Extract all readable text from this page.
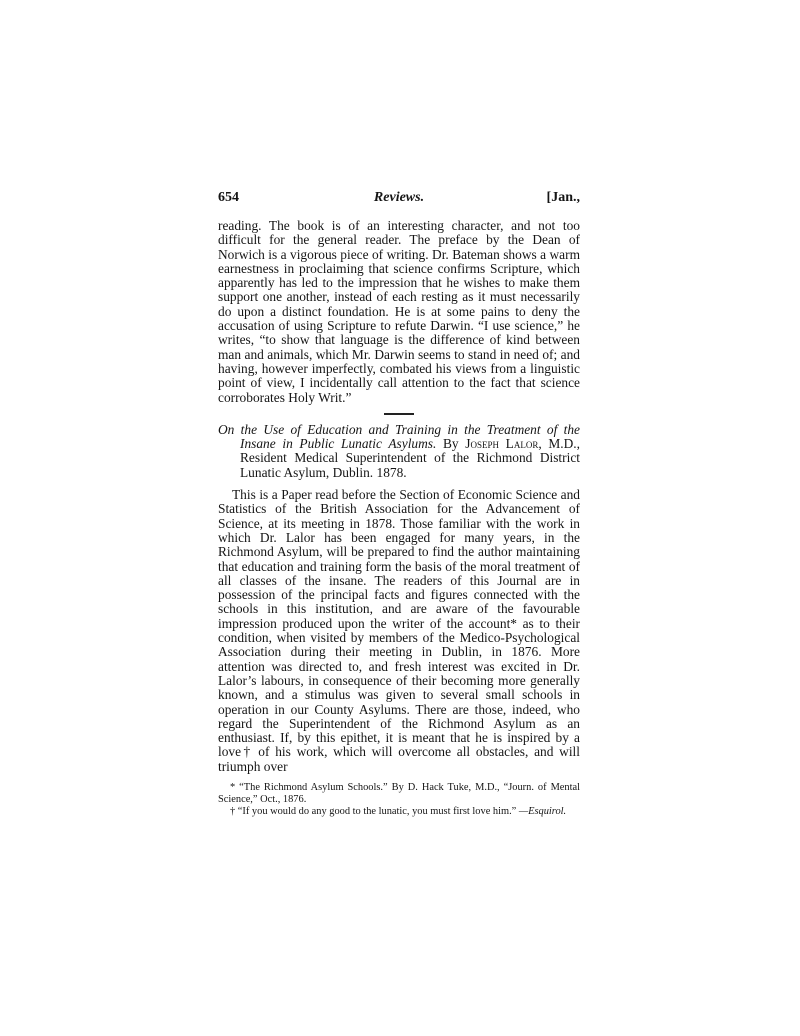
654	Reviews.	[Jan.,

reading. The book is of an interesting character, and not too difficult for the general reader. The preface by the Dean of Norwich is a vigorous piece of writing. Dr. Bateman shows a warm earnestness in proclaiming that science confirms Scripture, which apparently has led to the impression that he wishes to make them support one another, instead of each resting as it must necessarily do upon a distinct foundation. He is at some pains to deny the accusation of using Scripture to refute Darwin. “I use science,” he writes, “to show that language is the difference of kind between man and animals, which Mr. Darwin seems to stand in need of; and having, however imperfectly, combated his views from a linguistic point of view, I incidentally call attention to the fact that science corroborates Holy Writ.”

On the Use of Education and Training in the Treatment of the Insane in Public Lunatic Asylums. By Joseph Lalor, M.D., Resident Medical Superintendent of the Richmond District Lunatic Asylum, Dublin. 1878.

This is a Paper read before the Section of Economic Science and Statistics of the British Association for the Advancement of Science, at its meeting in 1878. Those familiar with the work in which Dr. Lalor has been engaged for many years, in the Richmond Asylum, will be prepared to find the author maintaining that education and training form the basis of the moral treatment of all classes of the insane. The readers of this Journal are in possession of the principal facts and figures connected with the schools in this institution, and are aware of the favourable impression produced upon the writer of the account* as to their condition, when visited by members of the Medico-Psychological Association during their meeting in Dublin, in 1876. More attention was directed to, and fresh interest was excited in Dr. Lalor’s labours, in consequence of their becoming more generally known, and a stimulus was given to several small schools in operation in our County Asylums. There are those, indeed, who regard the Superintendent of the Richmond Asylum as an enthusiast. If, by this epithet, it is meant that he is inspired by a love† of his work, which will overcome all obstacles, and will triumph over

* “The Richmond Asylum Schools.” By D. Hack Tuke, M.D., “Journ. of Mental Science,” Oct., 1876.
† “If you would do any good to the lunatic, you must first love him.” —Esquirol.
